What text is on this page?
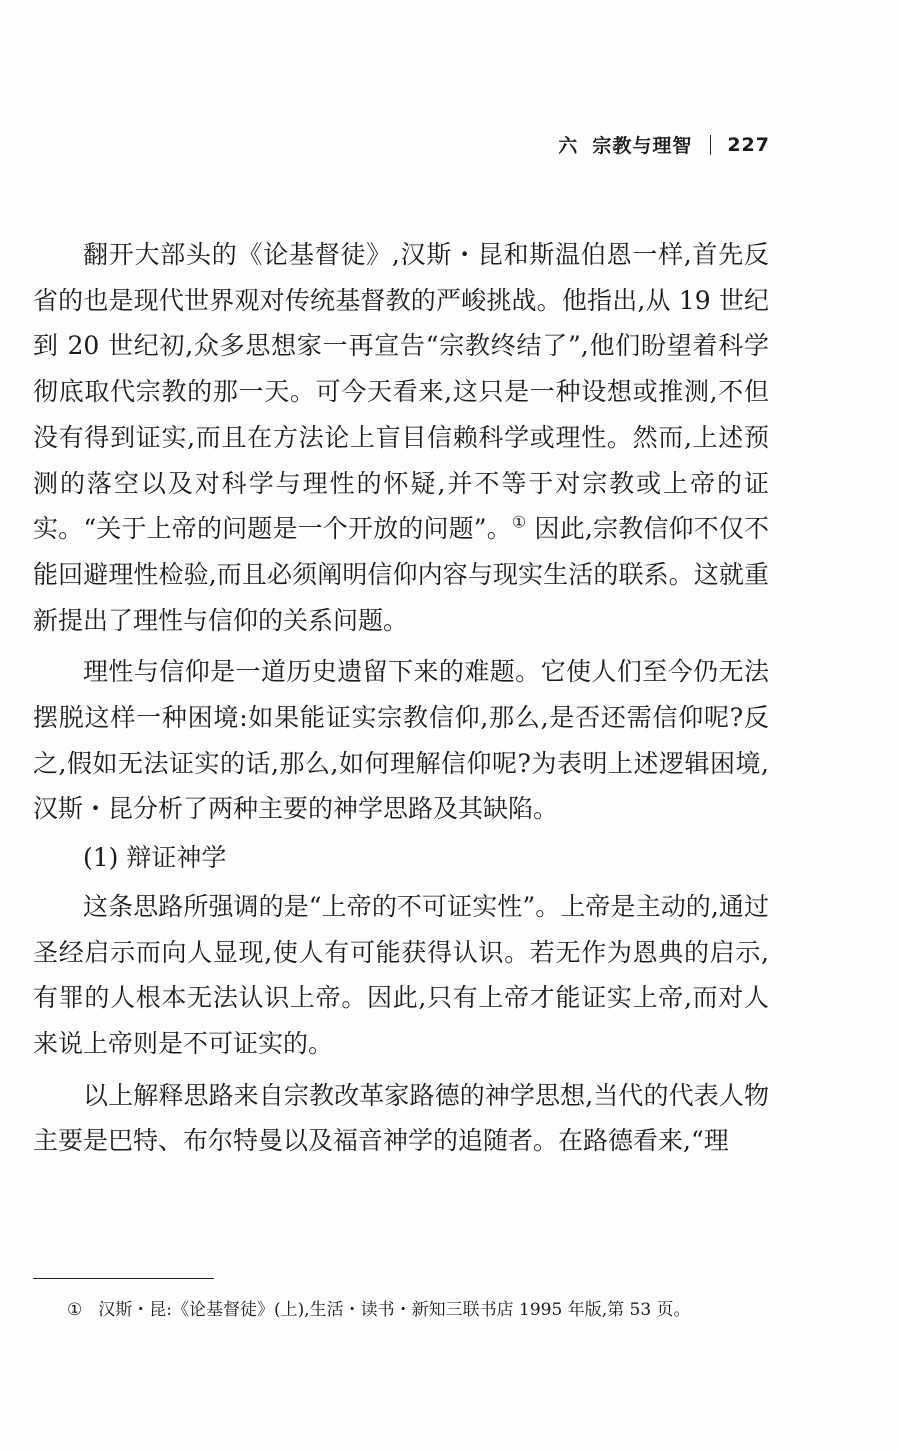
六 宗教与理智 227

翻开大部头的《论基督徒》,汉斯・昆和斯温伯恩一样,首先反省的也是现代世界观对传统基督教的严峻挑战。他指出,从 19 世纪到 20 世纪初,众多思想家一再宣告“宗教终结了”,他们盼望着科学彻底取代宗教的那一天。可今天看来,这只是一种设想或推测,不但没有得到证实,而且在方法论上盲目信赖科学或理性。然而,上述预测的落空以及对科学与理性的怀疑,并不等于对宗教或上帝的证实。“关于上帝的问题是一个开放的问题”。① 因此,宗教信仰不仅不能回避理性检验,而且必须阐明信仰内容与现实生活的联系。这就重新提出了理性与信仰的关系问题。

理性与信仰是一道历史遗留下来的难题。它使人们至今仍无法摆脱这样一种困境:如果能证实宗教信仰,那么,是否还需信仰呢?反之,假如无法证实的话,那么,如何理解信仰呢?为表明上述逻辑困境,汉斯・昆分析了两种主要的神学思路及其缺陷。

(1) 辩证神学

这条思路所强调的是“上帝的不可证实性”。上帝是主动的,通过圣经启示而向人显现,使人有可能获得认识。若无作为恩典的启示,有罪的人根本无法认识上帝。因此,只有上帝才能证实上帝,而对人来说上帝则是不可证实的。

以上解释思路来自宗教改革家路德的神学思想,当代的代表人物主要是巴特、布尔特曼以及福音神学的追随者。在路德看来,“理

① 汉斯・昆:《论基督徒》(上),生活・读书・新知三联书店 1995 年版,第 53 页。
